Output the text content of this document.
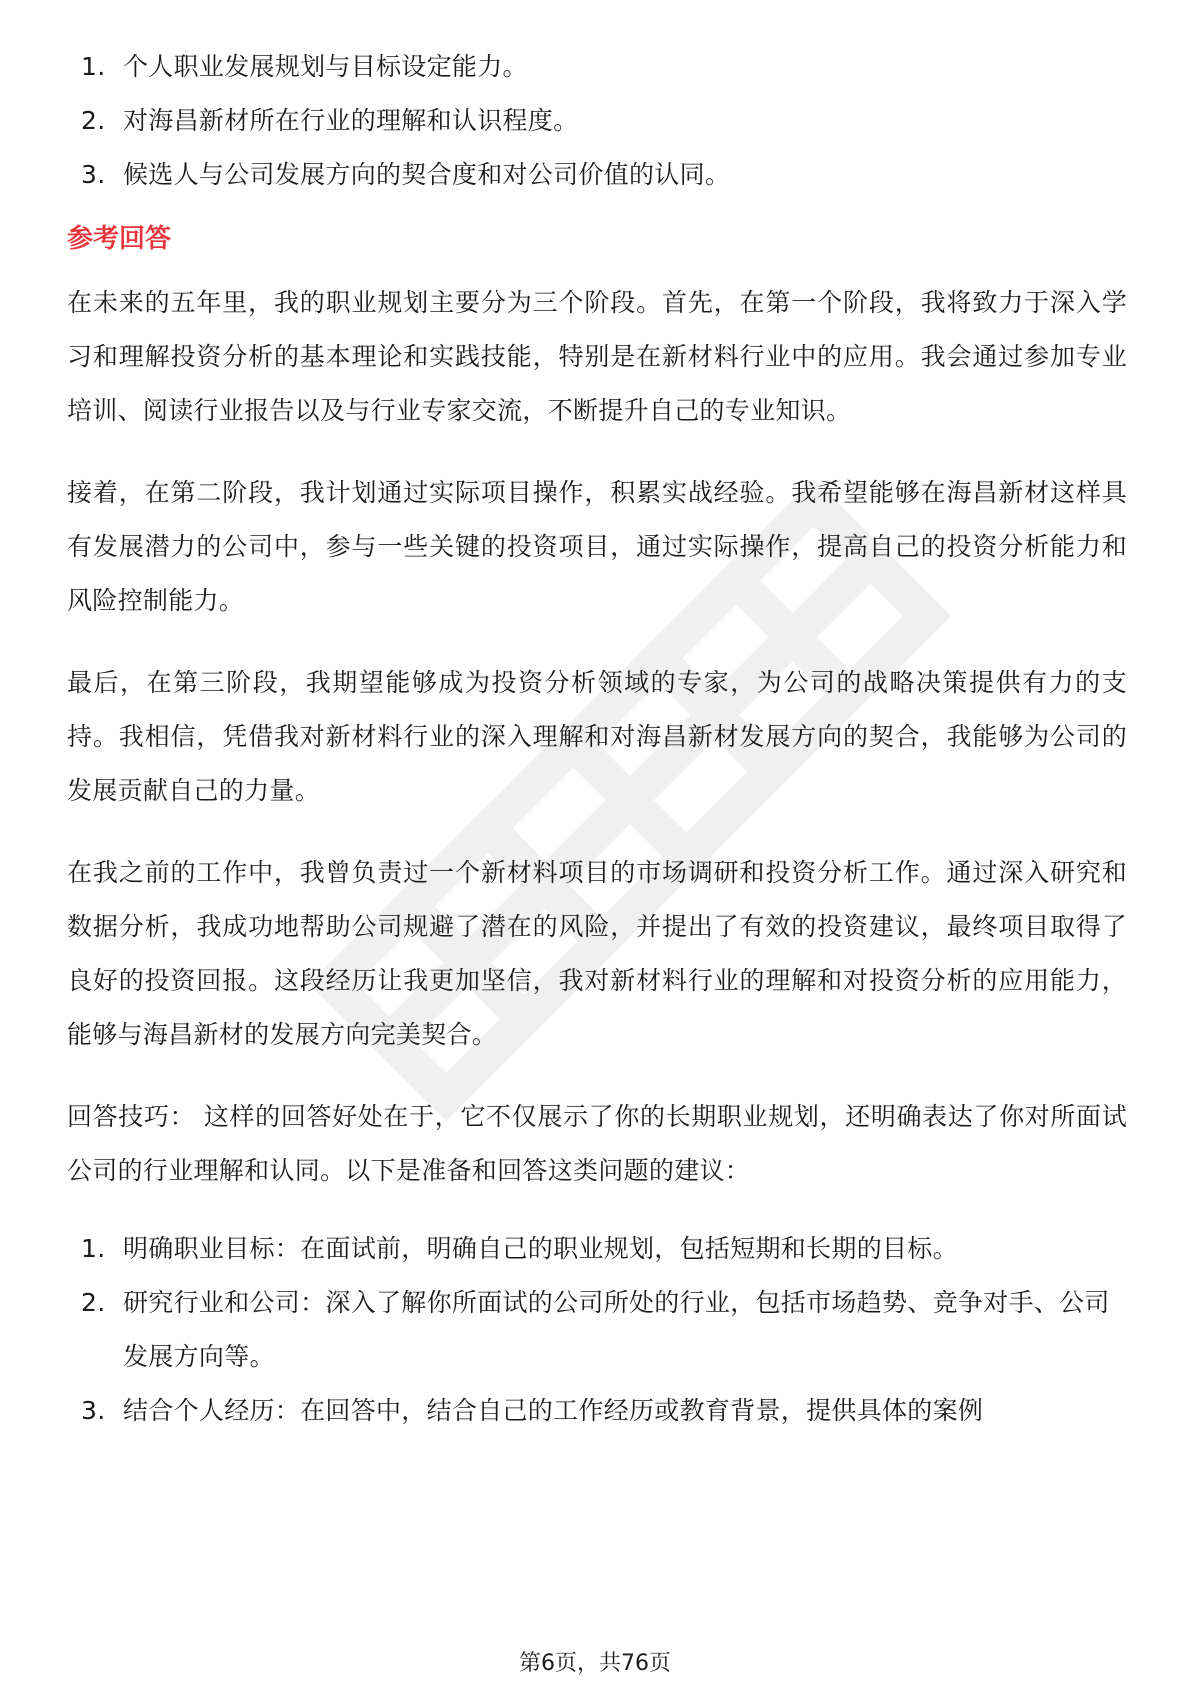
1. 个人职业发展规划与目标设定能力。
2. 对海昌新材所在行业的理解和认识程度。
3. 候选人与公司发展方向的契合度和对公司价值的认同。
参考回答

在未来的五年里，我的职业规划主要分为三个阶段。首先，在第一个阶段，我将致力于深入学习和理解投资分析的基本理论和实践技能，特别是在新材料行业中的应用。我会通过参加专业培训、阅读行业报告以及与行业专家交流，不断提升自己的专业知识。

接着，在第二阶段，我计划通过实际项目操作，积累实战经验。我希望能够在海昌新材这样具有发展潜力的公司中，参与一些关键的投资项目，通过实际操作，提高自己的投资分析能力和风险控制能力。

最后，在第三阶段，我期望能够成为投资分析领域的专家，为公司的战略决策提供有力的支持。我相信，凭借我对新材料行业的深入理解和对海昌新材发展方向的契合，我能够为公司的发展贡献自己的力量。

在我之前的工作中，我曾负责过一个新材料项目的市场调研和投资分析工作。通过深入研究和数据分析，我成功地帮助公司规避了潜在的风险，并提出了有效的投资建议，最终项目取得了良好的投资回报。这段经历让我更加坚信，我对新材料行业的理解和对投资分析的应用能力，能够与海昌新材的发展方向完美契合。

回答技巧： 这样的回答好处在于，它不仅展示了你的长期职业规划，还明确表达了你对所面试公司的行业理解和认同。以下是准备和回答这类问题的建议：

1. 明确职业目标：在面试前，明确自己的职业规划，包括短期和长期的目标。
2. 研究行业和公司：深入了解你所面试的公司所处的行业，包括市场趋势、竞争对手、公司发展方向等。
3. 结合个人经历：在回答中，结合自己的工作经历或教育背景，提供具体的案例
第6页，共76页
